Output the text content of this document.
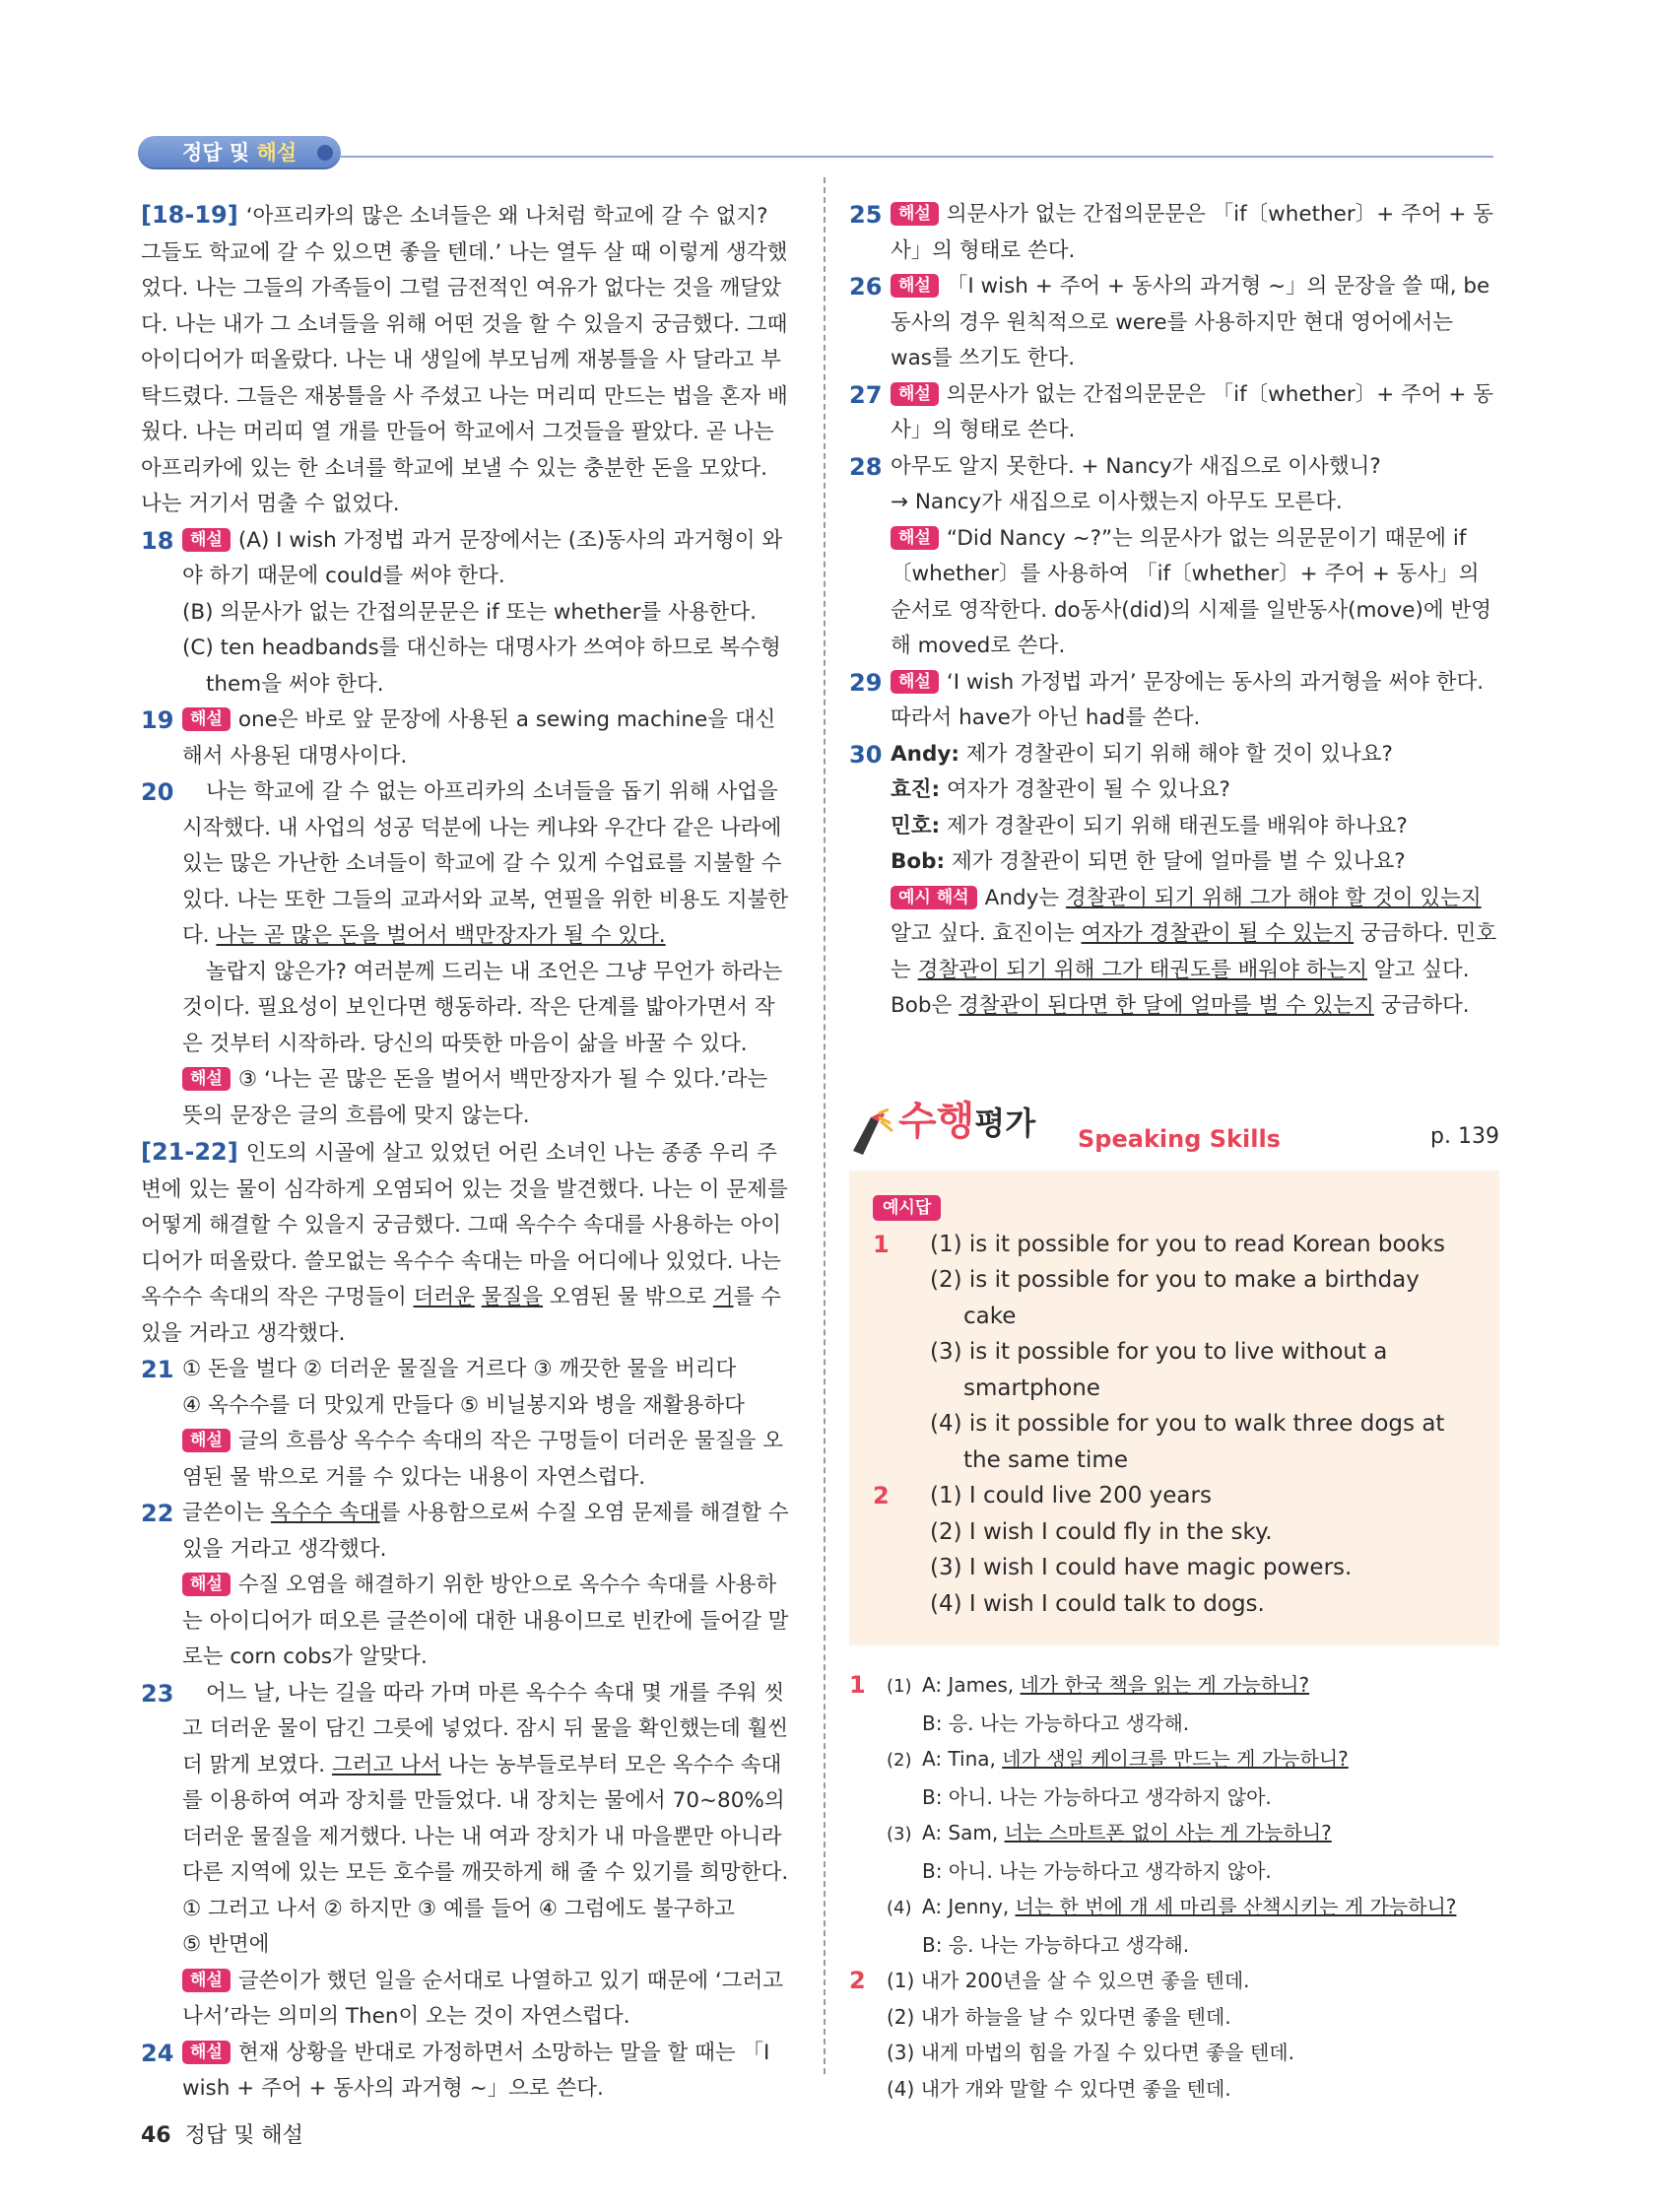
정답 및 해설

[18-19] ‘아프리카의 많은 소녀들은 왜 나처럼 학교에 갈 수 없지? 그들도 학교에 갈 수 있으면 좋을 텐데.’ 나는 열두 살 때 이렇게 생각했었다. 나는 그들의 가족들이 그럴 금전적인 여유가 없다는 것을 깨달았다. 나는 내가 그 소녀들을 위해 어떤 것을 할 수 있을지 궁금했다. 그때 아이디어가 떠올랐다. 나는 내 생일에 부모님께 재봉틀을 사 달라고 부탁드렸다. 그들은 재봉틀을 사 주셨고 나는 머리띠 만드는 법을 혼자 배웠다. 나는 머리띠 열 개를 만들어 학교에서 그것들을 팔았다. 곧 나는 아프리카에 있는 한 소녀를 학교에 보낼 수 있는 충분한 돈을 모았다. 나는 거기서 멈출 수 없었다.

18 해설 (A) I wish 가정법 과거 문장에서는 (조)동사의 과거형이 와야 하기 때문에 could를 써야 한다.
(B) 의문사가 없는 간접의문문은 if 또는 whether를 사용한다.
(C) ten headbands를 대신하는 대명사가 쓰여야 하므로 복수형 them을 써야 한다.

19 해설 one은 바로 앞 문장에 사용된 a sewing machine을 대신해서 사용된 대명사이다.

20	나는 학교에 갈 수 없는 아프리카의 소녀들을 돕기 위해 사업을 시작했다. 내 사업의 성공 덕분에 나는 케냐와 우간다 같은 나라에 있는 많은 가난한 소녀들이 학교에 갈 수 있게 수업료를 지불할 수 있다. 나는 또한 그들의 교과서와 교복, 연필을 위한 비용도 지불한다. 나는 곧 많은 돈을 벌어서 백만장자가 될 수 있다.
놀랍지 않은가? 여러분께 드리는 내 조언은 그냥 무언가 하라는 것이다. 필요성이 보인다면 행동하라. 작은 단계를 밟아가면서 작은 것부터 시작하라. 당신의 따뜻한 마음이 삶을 바꿀 수 있다.
해설 ③ ‘나는 곧 많은 돈을 벌어서 백만장자가 될 수 있다.’라는 뜻의 문장은 글의 흐름에 맞지 않는다.

[21-22] 인도의 시골에 살고 있었던 어린 소녀인 나는 종종 우리 주변에 있는 물이 심각하게 오염되어 있는 것을 발견했다. 나는 이 문제를 어떻게 해결할 수 있을지 궁금했다. 그때 옥수수 속대를 사용하는 아이디어가 떠올랐다. 쓸모없는 옥수수 속대는 마을 어디에나 있었다. 나는 옥수수 속대의 작은 구멍들이 더러운 물질을 오염된 물 밖으로 거를 수 있을 거라고 생각했다.

21 ① 돈을 벌다 ② 더러운 물질을 거르다 ③ 깨끗한 물을 버리다
④ 옥수수를 더 맛있게 만들다 ⑤ 비닐봉지와 병을 재활용하다
해설 글의 흐름상 옥수수 속대의 작은 구멍들이 더러운 물질을 오염된 물 밖으로 거를 수 있다는 내용이 자연스럽다.
22 글쓴이는 옥수수 속대를 사용함으로써 수질 오염 문제를 해결할 수 있을 거라고 생각했다.
해설 수질 오염을 해결하기 위한 방안으로 옥수수 속대를 사용하는 아이디어가 떠오른 글쓴이에 대한 내용이므로 빈칸에 들어갈 말로는 corn cobs가 알맞다.
23	어느 날, 나는 길을 따라 가며 마른 옥수수 속대 몇 개를 주워 씻고 더러운 물이 담긴 그릇에 넣었다. 잠시 뒤 물을 확인했는데 훨씬 더 맑게 보였다. 그러고 나서 나는 농부들로부터 모은 옥수수 속대를 이용하여 여과 장치를 만들었다. 내 장치는 물에서 70~80%의 더러운 물질을 제거했다. 나는 내 여과 장치가 내 마을뿐만 아니라 다른 지역에 있는 모든 호수를 깨끗하게 해 줄 수 있기를 희망한다.
① 그러고 나서 ② 하지만 ③ 예를 들어 ④ 그럼에도 불구하고
⑤ 반면에
해설 글쓴이가 했던 일을 순서대로 나열하고 있기 때문에 ‘그러고 나서’라는 의미의 Then이 오는 것이 자연스럽다.

24 해설 현재 상황을 반대로 가정하면서 소망하는 말을 할 때는 「I wish + 주어 + 동사의 과거형 ~」으로 쓴다.

25 해설 의문사가 없는 간접의문문은 「if〔whether〕+ 주어 + 동사」의 형태로 쓴다.

26 해설 「I wish + 주어 + 동사의 과거형 ~」의 문장을 쓸 때, be동사의 경우 원칙적으로 were를 사용하지만 현대 영어에서는 was를 쓰기도 한다.

27 해설 의문사가 없는 간접의문문은 「if〔whether〕+ 주어 + 동사」의 형태로 쓴다.

28 아무도 알지 못한다. + Nancy가 새집으로 이사했니?
→ Nancy가 새집으로 이사했는지 아무도 모른다.
해설 “Did Nancy ~?”는 의문사가 없는 의문문이기 때문에 if〔whether〕를 사용하여 「if〔whether〕+ 주어 + 동사」의 순서로 영작한다. do동사(did)의 시제를 일반동사(move)에 반영해 moved로 쓴다.

29 해설 ‘I wish 가정법 과거’ 문장에는 동사의 과거형을 써야 한다. 따라서 have가 아닌 had를 쓴다.

30 Andy: 제가 경찰관이 되기 위해 해야 할 것이 있나요?
효진: 여자가 경찰관이 될 수 있나요?
민호: 제가 경찰관이 되기 위해 태권도를 배워야 하나요?
Bob: 제가 경찰관이 되면 한 달에 얼마를 벌 수 있나요?
예시 해석 Andy는 경찰관이 되기 위해 그가 해야 할 것이 있는지 알고 싶다. 효진이는 여자가 경찰관이 될 수 있는지 궁금하다. 민호는 경찰관이 되기 위해 그가 태권도를 배워야 하는지 알고 싶다. Bob은 경찰관이 된다면 한 달에 얼마를 벌 수 있는지 궁금하다.
수행평가 Speaking Skills	p. 139
예시답
1 (1) is it possible for you to read Korean books
(2) is it possible for you to make a birthday cake
(3) is it possible for you to live without a smartphone
(4) is it possible for you to walk three dogs at the same time
2 (1) I could live 200 years
(2) I wish I could fly in the sky.
(3) I wish I could have magic powers.
(4) I wish I could talk to dogs.
1 (1) A: James, 네가 한국 책을 읽는 게 가능하니?
B: 응. 나는 가능하다고 생각해.
(2) A: Tina, 네가 생일 케이크를 만드는 게 가능하니?
B: 아니. 나는 가능하다고 생각하지 않아.
(3) A: Sam, 너는 스마트폰 없이 사는 게 가능하니?
B: 아니. 나는 가능하다고 생각하지 않아.
(4) A: Jenny, 너는 한 번에 개 세 마리를 산책시키는 게 가능하니?
B: 응. 나는 가능하다고 생각해.
2 (1) 내가 200년을 살 수 있으면 좋을 텐데.
(2) 내가 하늘을 날 수 있다면 좋을 텐데.
(3) 내게 마법의 힘을 가질 수 있다면 좋을 텐데.
(4) 내가 개와 말할 수 있다면 좋을 텐데.
46 정답 및 해설
